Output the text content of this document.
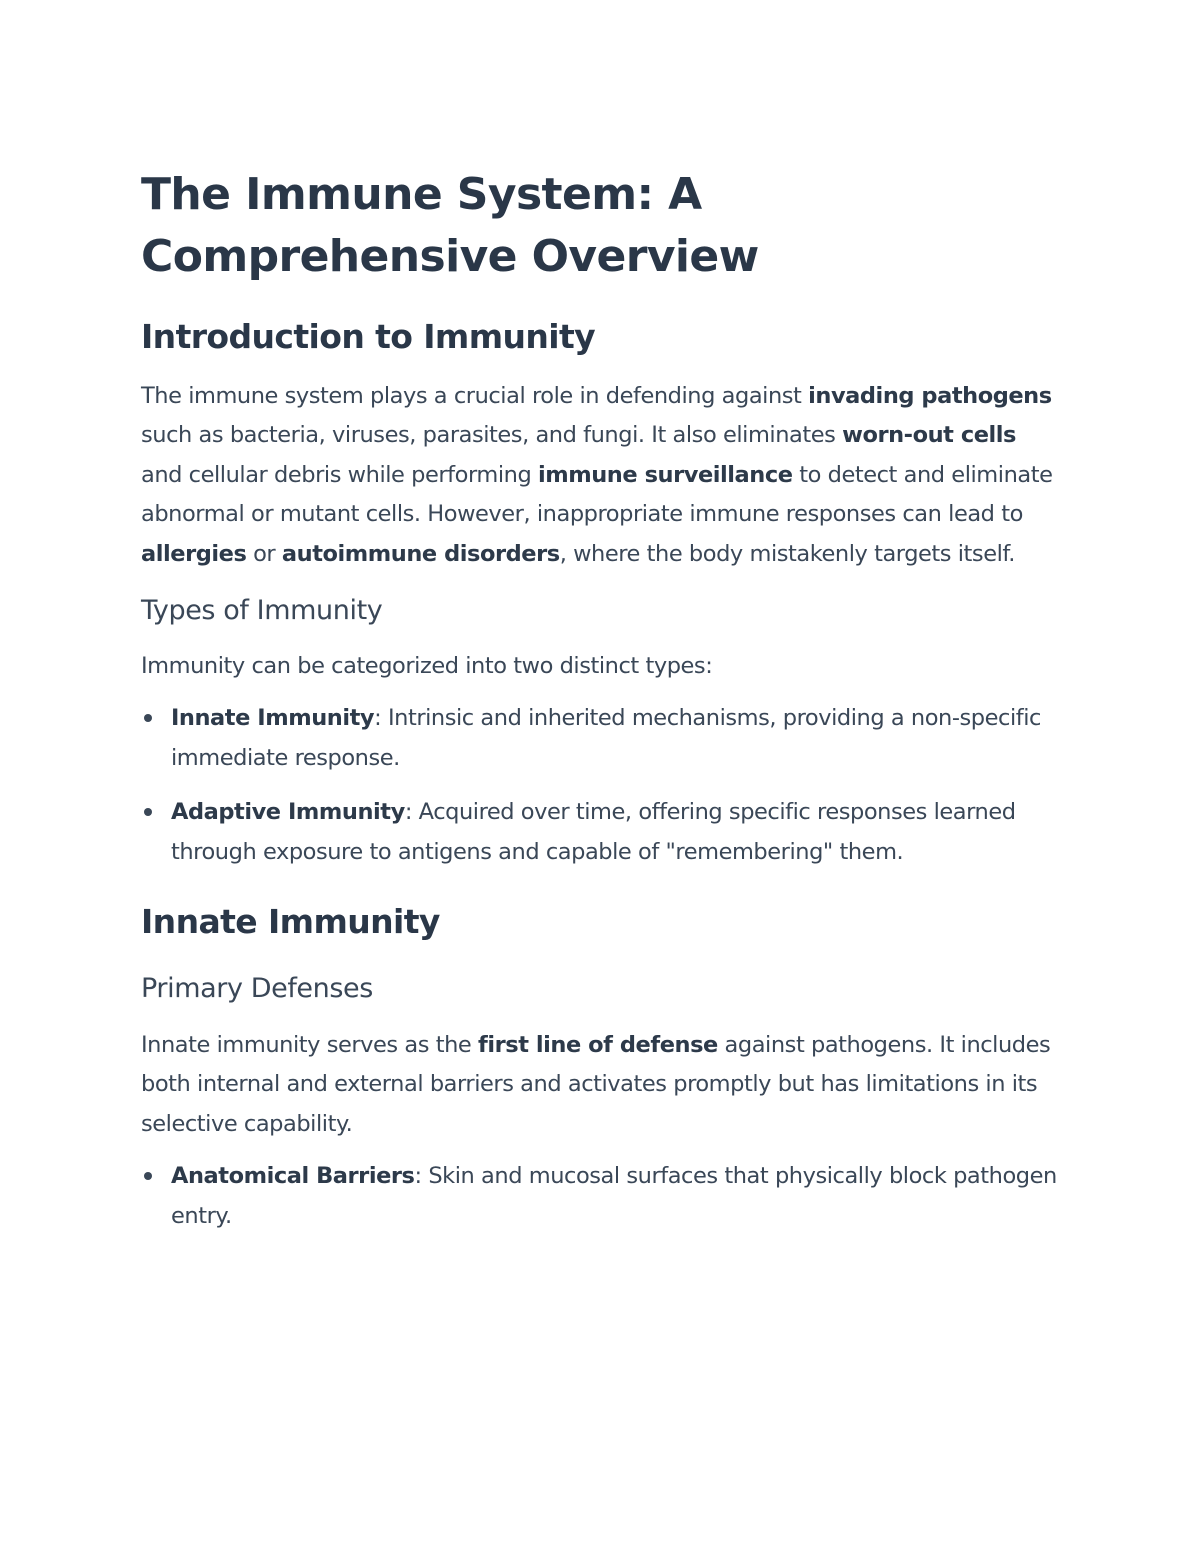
The Immune System: A Comprehensive Overview
Introduction to Immunity

The immune system plays a crucial role in defending against invading pathogens such as bacteria, viruses, parasites, and fungi. It also eliminates worn-out cells and cellular debris while performing immune surveillance to detect and eliminate abnormal or mutant cells. However, inappropriate immune responses can lead to allergies or autoimmune disorders, where the body mistakenly targets itself.

Types of Immunity

Immunity can be categorized into two distinct types:

Innate Immunity: Intrinsic and inherited mechanisms, providing a non-specific immediate response.
Adaptive Immunity: Acquired over time, offering specific responses learned through exposure to antigens and capable of "remembering" them.
Innate Immunity
Primary Defenses

Innate immunity serves as the first line of defense against pathogens. It includes both internal and external barriers and activates promptly but has limitations in its selective capability.

Anatomical Barriers: Skin and mucosal surfaces that physically block pathogen entry.
